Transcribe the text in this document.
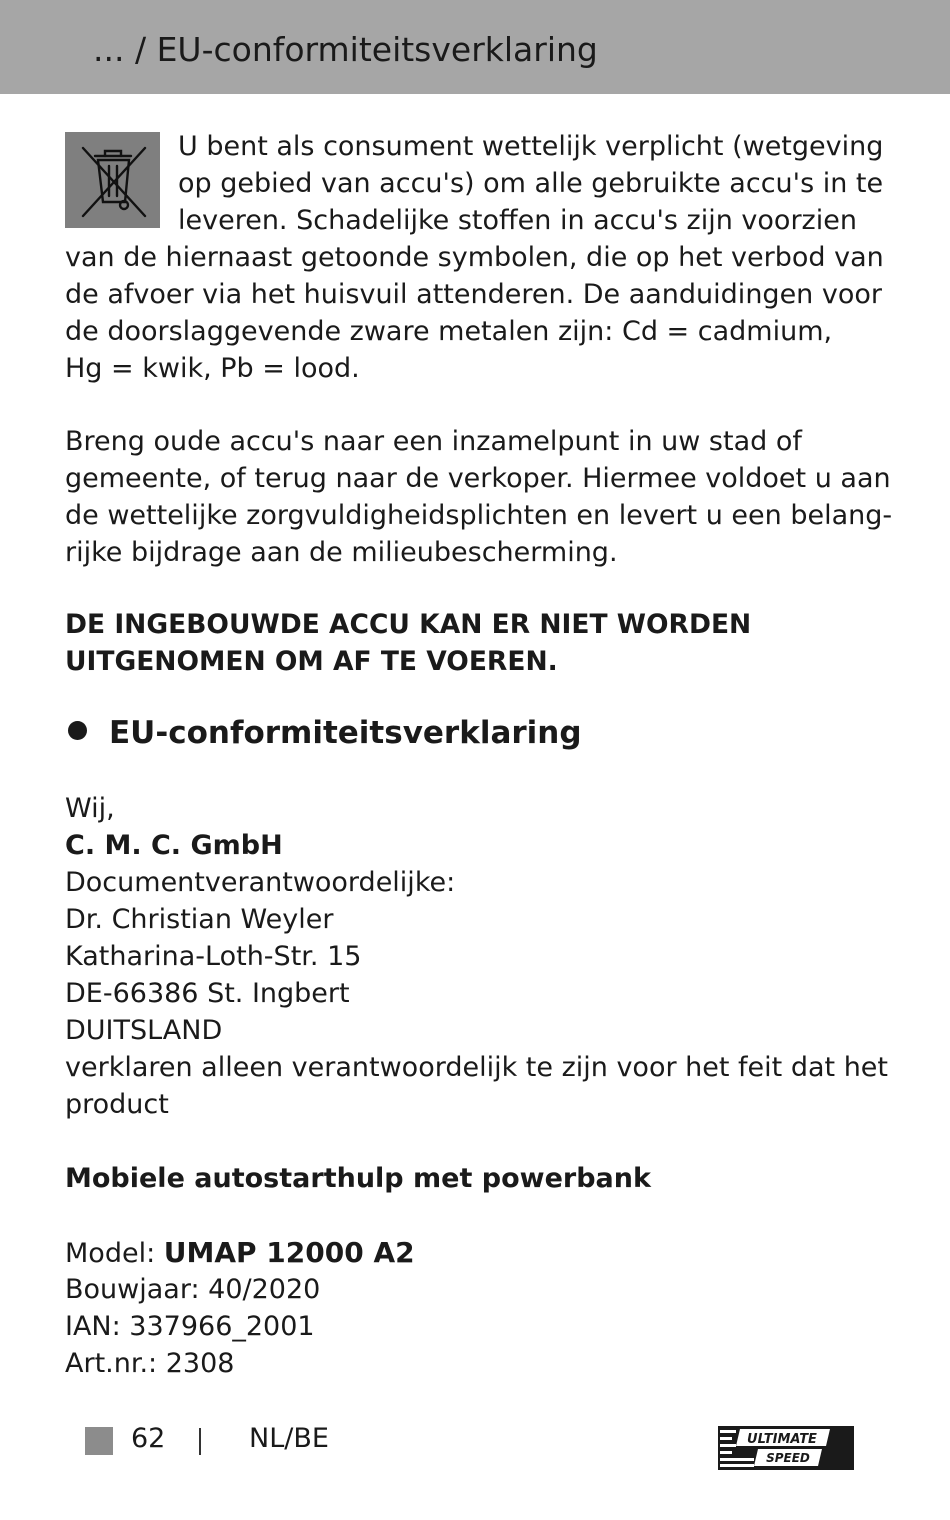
... / EU-conformiteitsverklaring
U bent als consument wettelijk verplicht (wetgeving
op gebied van accu's) om alle gebruikte accu's in te
leveren. Schadelijke stoffen in accu's zijn voorzien
van de hiernaast getoonde symbolen, die op het verbod van
de afvoer via het huisvuil attenderen. De aanduidingen voor
de doorslaggevende zware metalen zijn: Cd = cadmium,
Hg = kwik, Pb = lood.
Breng oude accu's naar een inzamelpunt in uw stad of
gemeente, of terug naar de verkoper. Hiermee voldoet u aan
de wettelijke zorgvuldigheidsplichten en levert u een belang-
rijke bijdrage aan de milieubescherming.
DE INGEBOUWDE ACCU KAN ER NIET WORDEN
UITGENOMEN OM AF TE VOEREN.
EU-conformiteitsverklaring
Wij,
C. M. C. GmbH
Documentverantwoordelijke:
Dr. Christian Weyler
Katharina-Loth-Str. 15
DE-66386 St. Ingbert
DUITSLAND
verklaren alleen verantwoordelijk te zijn voor het feit dat het
product
Mobiele autostarthulp met powerbank
Model: UMAP 12000 A2
Bouwjaar: 40/2020
IAN: 337966_2001
Art.nr.: 2308
62	NL/BE	ULTIMATE
SPEED
